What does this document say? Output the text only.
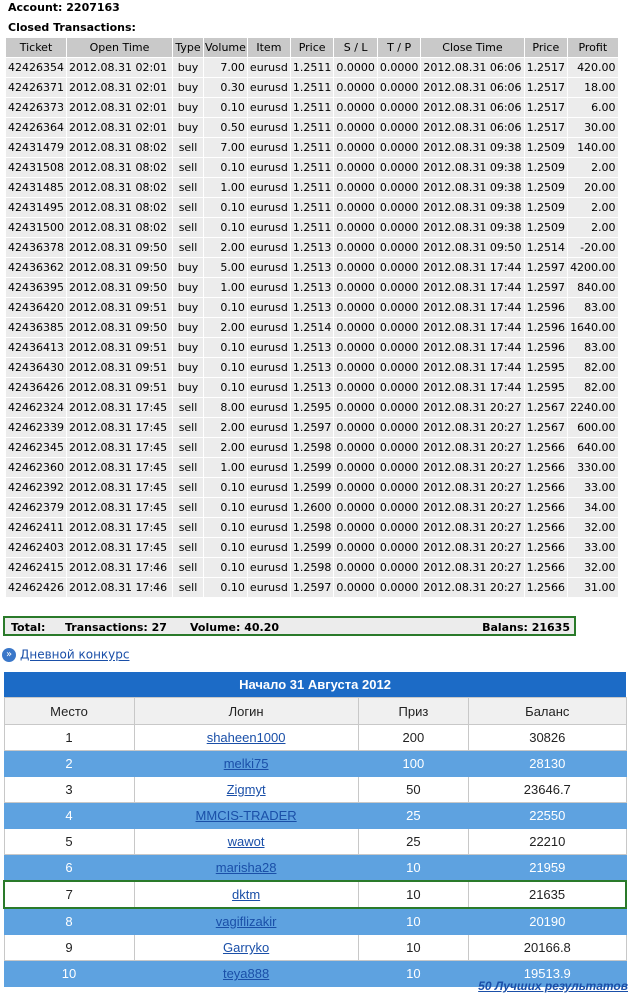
Account: 2207163
Closed Transactions:
Ticket	Open Time	Type	Volume	Item	Price	S / L	T / P	Close Time	Price	Profit
42426354	2012.08.31 02:01	buy	7.00	eurusd	1.2511	0.0000	0.0000	2012.08.31 06:06	1.2517	420.00
42426371	2012.08.31 02:01	buy	0.30	eurusd	1.2511	0.0000	0.0000	2012.08.31 06:06	1.2517	18.00
42426373	2012.08.31 02:01	buy	0.10	eurusd	1.2511	0.0000	0.0000	2012.08.31 06:06	1.2517	6.00
42426364	2012.08.31 02:01	buy	0.50	eurusd	1.2511	0.0000	0.0000	2012.08.31 06:06	1.2517	30.00
42431479	2012.08.31 08:02	sell	7.00	eurusd	1.2511	0.0000	0.0000	2012.08.31 09:38	1.2509	140.00
42431508	2012.08.31 08:02	sell	0.10	eurusd	1.2511	0.0000	0.0000	2012.08.31 09:38	1.2509	2.00
42431485	2012.08.31 08:02	sell	1.00	eurusd	1.2511	0.0000	0.0000	2012.08.31 09:38	1.2509	20.00
42431495	2012.08.31 08:02	sell	0.10	eurusd	1.2511	0.0000	0.0000	2012.08.31 09:38	1.2509	2.00
42431500	2012.08.31 08:02	sell	0.10	eurusd	1.2511	0.0000	0.0000	2012.08.31 09:38	1.2509	2.00
42436378	2012.08.31 09:50	sell	2.00	eurusd	1.2513	0.0000	0.0000	2012.08.31 09:50	1.2514	-20.00
42436362	2012.08.31 09:50	buy	5.00	eurusd	1.2513	0.0000	0.0000	2012.08.31 17:44	1.2597	4200.00
42436395	2012.08.31 09:50	buy	1.00	eurusd	1.2513	0.0000	0.0000	2012.08.31 17:44	1.2597	840.00
42436420	2012.08.31 09:51	buy	0.10	eurusd	1.2513	0.0000	0.0000	2012.08.31 17:44	1.2596	83.00
42436385	2012.08.31 09:50	buy	2.00	eurusd	1.2514	0.0000	0.0000	2012.08.31 17:44	1.2596	1640.00
42436413	2012.08.31 09:51	buy	0.10	eurusd	1.2513	0.0000	0.0000	2012.08.31 17:44	1.2596	83.00
42436430	2012.08.31 09:51	buy	0.10	eurusd	1.2513	0.0000	0.0000	2012.08.31 17:44	1.2595	82.00
42436426	2012.08.31 09:51	buy	0.10	eurusd	1.2513	0.0000	0.0000	2012.08.31 17:44	1.2595	82.00
42462324	2012.08.31 17:45	sell	8.00	eurusd	1.2595	0.0000	0.0000	2012.08.31 20:27	1.2567	2240.00
42462339	2012.08.31 17:45	sell	2.00	eurusd	1.2597	0.0000	0.0000	2012.08.31 20:27	1.2567	600.00
42462345	2012.08.31 17:45	sell	2.00	eurusd	1.2598	0.0000	0.0000	2012.08.31 20:27	1.2566	640.00
42462360	2012.08.31 17:45	sell	1.00	eurusd	1.2599	0.0000	0.0000	2012.08.31 20:27	1.2566	330.00
42462392	2012.08.31 17:45	sell	0.10	eurusd	1.2599	0.0000	0.0000	2012.08.31 20:27	1.2566	33.00
42462379	2012.08.31 17:45	sell	0.10	eurusd	1.2600	0.0000	0.0000	2012.08.31 20:27	1.2566	34.00
42462411	2012.08.31 17:45	sell	0.10	eurusd	1.2598	0.0000	0.0000	2012.08.31 20:27	1.2566	32.00
42462403	2012.08.31 17:45	sell	0.10	eurusd	1.2599	0.0000	0.0000	2012.08.31 20:27	1.2566	33.00
42462415	2012.08.31 17:46	sell	0.10	eurusd	1.2598	0.0000	0.0000	2012.08.31 20:27	1.2566	32.00
42462426	2012.08.31 17:46	sell	0.10	eurusd	1.2597	0.0000	0.0000	2012.08.31 20:27	1.2566	31.00
Total: Transactions: 27 Volume: 40.20	Balans: 21635
» Дневной конкурс
Начало 31 Августа 2012			
Место	Логин	Приз	Баланс
1	shaheen1000	200	30826
2	melki75	100	28130
3	Zigmyt	50	23646.7
4	MMCIS-TRADER	25	22550
5	wawot	25	22210
6	marisha28	10	21959
7	dktm	10	21635
8	vagiflizakir	10	20190
9	Garryko	10	20166.8
10	teya888	10	19513.9
50 Лучших результатов
